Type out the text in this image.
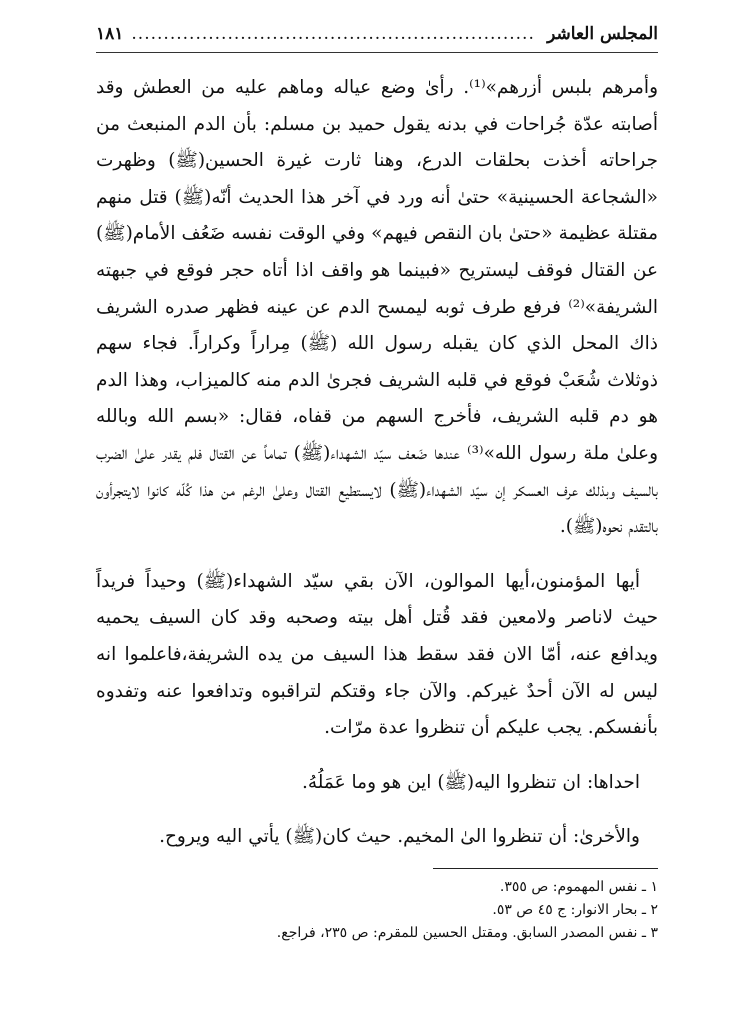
١٨١ ............................................................... المجلس العاشر

وأمرهم بلبس أزرهم»⁽¹⁾. رأىٰ وضع عياله وماهم عليه من العطش وقد أصابته عدّة جُراحات في بدنه يقول حميد بن مسلم: بأن الدم المنبعث من جراحاته أخذت بحلقات الدرع، وهنا ثارت غيرة الحسين(ﷺ) وظهرت «الشجاعة الحسينية» حتىٰ أنه ورد في آخر هذا الحديث أنّه(ﷺ) قتل منهم مقتلة عظيمة «حتىٰ بان النقص فيهم» وفي الوقت نفسه ضَعُف الأمام(ﷺ) عن القتال فوقف ليستريح «فبينما هو واقف اذا أتاه حجر فوقع في جبهته الشريفة»⁽²⁾ فرفع طرف ثوبه ليمسح الدم عن عينه فظهر صدره الشريف ذاك المحل الذي كان يقبله رسول الله (ﷺ) مِراراً وكراراً. فجاء سهم ذوثلاث شُعَبْ فوقع في قلبه الشريف فجرىٰ الدم منه كالميزاب، وهذا الدم هو دم قلبه الشريف، فأخرج السهم من قفاه، فقال: «بسم الله وبالله وعلىٰ ملة رسول الله»⁽³⁾ عندها ضَعف سيّد الشهداء(ﷺ) تماماً عن القتال فلم يقدر علىٰ الضرب بالسيف وبذلك عرف العسكر إن سيّد الشهداء(ﷺ) لايستطيع القتال وعلىٰ الرغم من هذا كُلّه كانوا لايتجرأون بالتقدم نحوه(ﷺ).

أيها المؤمنون،أيها الموالون، الآن بقي سيّد الشهداء(ﷺ) وحيداً فريداً حيث لاناصر ولامعين فقد قُتل أهل بيته وصحبه وقد كان السيف يحميه ويدافع عنه، أمّا الان فقد سقط هذا السيف من يده الشريفة،فاعلموا انه ليس له الآن أحدٌ غيركم. والآن جاء وقتكم لتراقبوه وتدافعوا عنه وتفدوه بأنفسكم. يجب عليكم أن تنظروا عدة مرّات.

احداها: ان تنظروا اليه(ﷺ) اين هو وما عَمَلُهُ.

والأخرىٰ: أن تنظروا الىٰ المخيم. حيث كان(ﷺ) يأتي اليه ويروح.

١ ـ نفس المهموم: ص ٣٥٥.

٢ ـ بحار الانوار: ج ٤٥ ص ٥٣.

٣ ـ نفس المصدر السابق. ومقتل الحسين للمقرم: ص ٢٣٥، فراجع.
